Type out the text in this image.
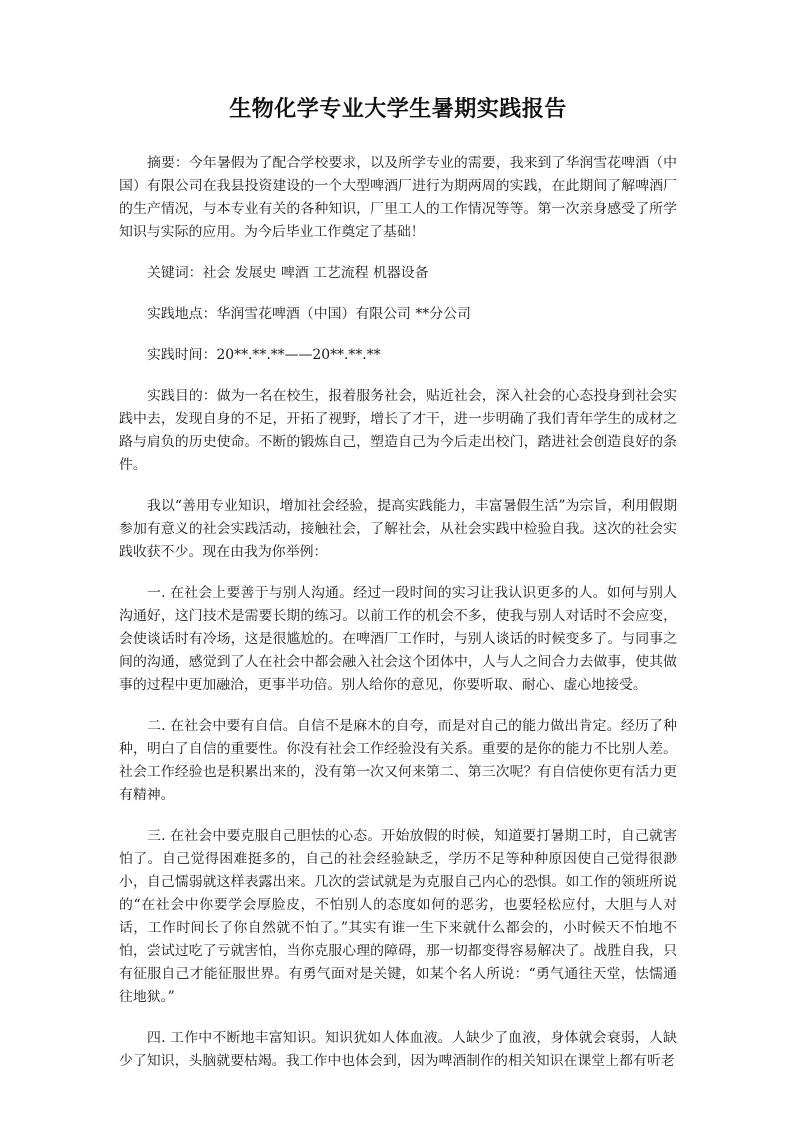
生物化学专业大学生暑期实践报告

摘要：今年暑假为了配合学校要求，以及所学专业的需要，我来到了华润雪花啤酒（中国）有限公司在我县投资建设的一个大型啤酒厂进行为期两周的实践，在此期间了解啤酒厂的生产情况，与本专业有关的各种知识，厂里工人的工作情况等等。第一次亲身感受了所学知识与实际的应用。为今后毕业工作奠定了基础！

关键词：社会 发展史 啤酒 工艺流程 机器设备

实践地点：华润雪花啤酒（中国）有限公司 **分公司

实践时间：20**.**.**——20**.**.**

实践目的：做为一名在校生，报着服务社会，贴近社会，深入社会的心态投身到社会实践中去，发现自身的不足，开拓了视野，增长了才干，进一步明确了我们青年学生的成材之路与肩负的历史使命。不断的锻炼自己，塑造自己为今后走出校门，踏进社会创造良好的条件。

我以“善用专业知识，增加社会经验，提高实践能力，丰富暑假生活”为宗旨，利用假期参加有意义的社会实践活动，接触社会，了解社会，从社会实践中检验自我。这次的社会实践收获不少。现在由我为你举例：

一. 在社会上要善于与别人沟通。经过一段时间的实习让我认识更多的人。如何与别人沟通好，这门技术是需要长期的练习。以前工作的机会不多，使我与别人对话时不会应变，会使谈话时有冷场，这是很尴尬的。在啤酒厂工作时，与别人谈话的时候变多了。与同事之间的沟通，感觉到了人在社会中都会融入社会这个团体中，人与人之间合力去做事，使其做事的过程中更加融洽，更事半功倍。别人给你的意见，你要听取、耐心、虚心地接受。

二. 在社会中要有自信。自信不是麻木的自夸，而是对自己的能力做出肯定。经历了种种，明白了自信的重要性。你没有社会工作经验没有关系。重要的是你的能力不比别人差。社会工作经验也是积累出来的，没有第一次又何来第二、第三次呢？有自信使你更有活力更有精神。

三. 在社会中要克服自己胆怯的心态。开始放假的时候，知道要打暑期工时，自己就害怕了。自己觉得困难挺多的，自己的社会经验缺乏，学历不足等种种原因使自己觉得很渺小，自己懦弱就这样表露出来。几次的尝试就是为克服自己内心的恐惧。如工作的领班所说的“在社会中你要学会厚脸皮，不怕别人的态度如何的恶劣，也要轻松应付，大胆与人对话，工作时间长了你自然就不怕了。”其实有谁一生下来就什么都会的，小时候天不怕地不怕，尝试过吃了亏就害怕，当你克服心理的障碍，那一切都变得容易解决了。战胜自我，只有征服自己才能征服世界。有勇气面对是关键，如某个名人所说：“勇气通往天堂，怯懦通往地狱。”

四. 工作中不断地丰富知识。知识犹如人体血液。人缺少了血液，身体就会衰弱，人缺少了知识，头脑就要枯竭。我工作中也体会到，因为啤酒制作的相关知识在课堂上都有听老
